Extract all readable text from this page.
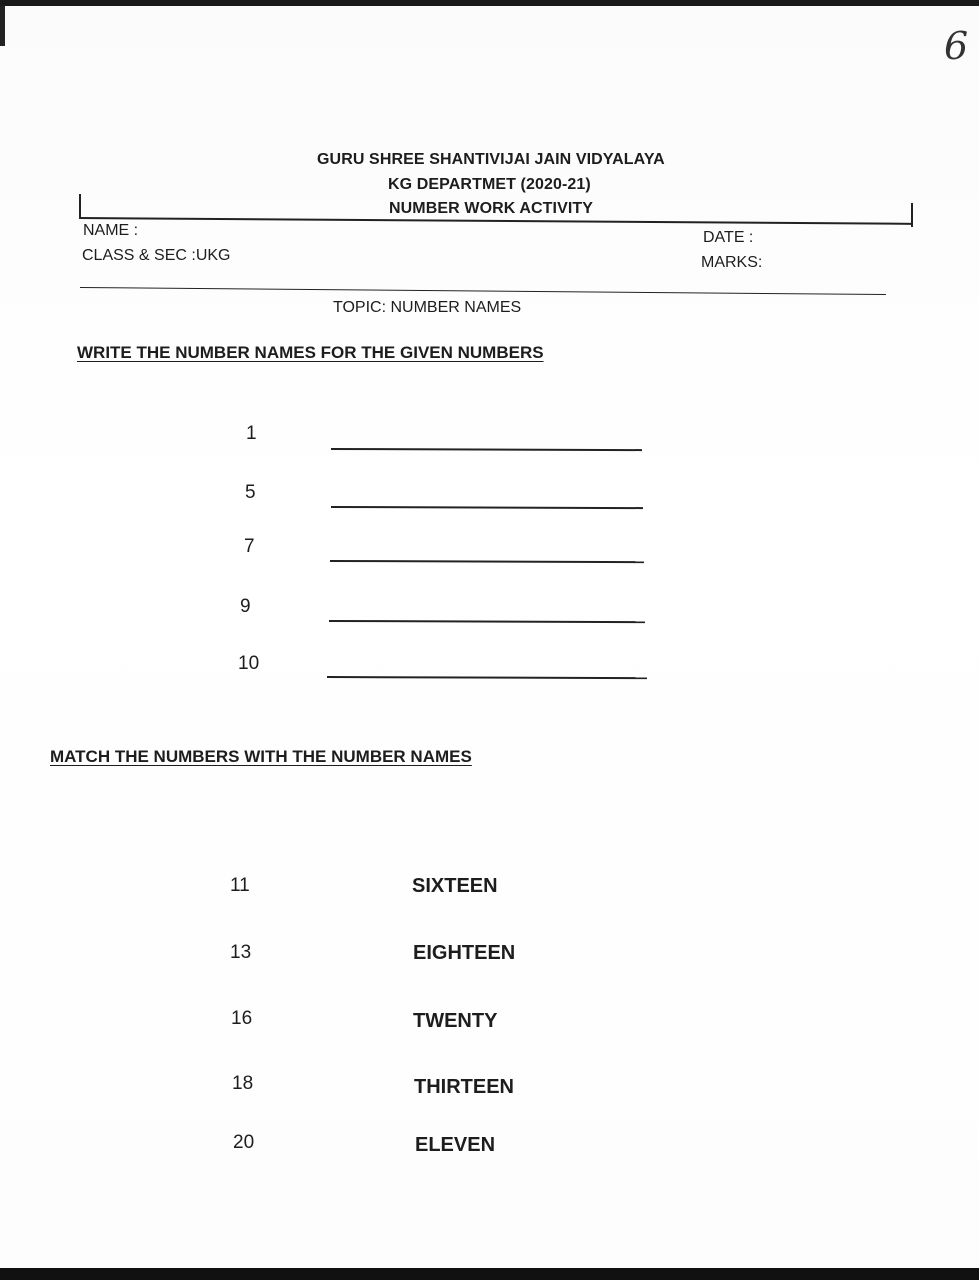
6
GURU SHREE SHANTIVIJAI JAIN VIDYALAYA
KG DEPARTMET (2020-21)
NUMBER WORK ACTIVITY
NAME :
CLASS & SEC :UKG
DATE :
MARKS:
TOPIC: NUMBER NAMES
WRITE THE NUMBER NAMES FOR THE GIVEN NUMBERS
1
5
7
9
10
MATCH THE NUMBERS WITH THE NUMBER NAMES
11	SIXTEEN
13	EIGHTEEN
16	TWENTY
18	THIRTEEN
20	ELEVEN
